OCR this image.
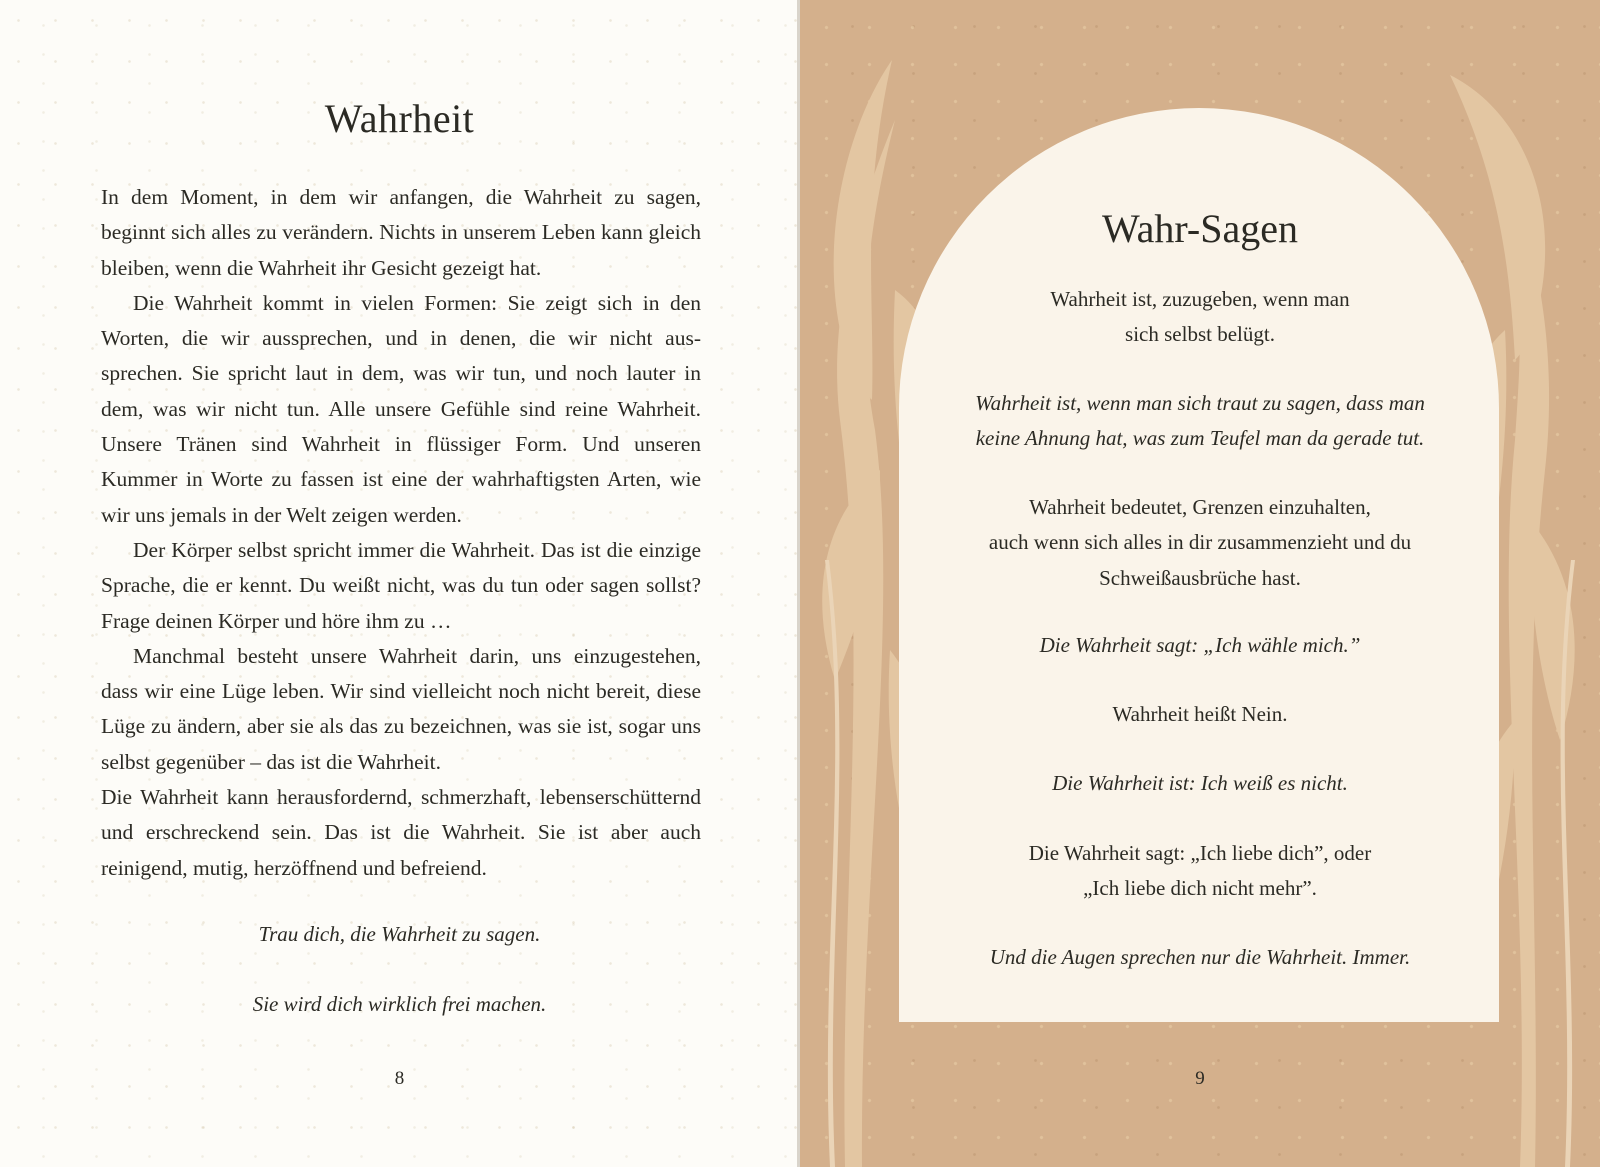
Wahrheit

In dem Moment, in dem wir anfangen, die Wahrheit zu sagen, beginnt sich alles zu verändern. Nichts in unserem Leben kann gleich bleiben, wenn die Wahrheit ihr Gesicht gezeigt hat.

Die Wahrheit kommt in vielen Formen: Sie zeigt sich in den Worten, die wir aussprechen, und in denen, die wir nicht aussprechen. Sie spricht laut in dem, was wir tun, und noch lauter in dem, was wir nicht tun. Alle unsere Gefühle sind reine Wahrheit. Unsere Tränen sind Wahrheit in flüssiger Form. Und unseren Kummer in Worte zu fassen ist eine der wahrhaftigsten Arten, wie wir uns jemals in der Welt zeigen werden.

Der Körper selbst spricht immer die Wahrheit. Das ist die einzige Sprache, die er kennt. Du weißt nicht, was du tun oder sagen sollst? Frage deinen Körper und höre ihm zu …

Manchmal besteht unsere Wahrheit darin, uns einzugestehen, dass wir eine Lüge leben. Wir sind vielleicht noch nicht bereit, diese Lüge zu ändern, aber sie als das zu bezeichnen, was sie ist, sogar uns selbst gegenüber – das ist die Wahrheit.

Die Wahrheit kann herausfordernd, schmerzhaft, lebenserschütternd und erschreckend sein. Das ist die Wahrheit. Sie ist aber auch reinigend, mutig, herzöffnend und befreiend.

Trau dich, die Wahrheit zu sagen.
Sie wird dich wirklich frei machen.
8
Wahr-Sagen
Wahrheit ist, zuzugeben, wenn man
sich selbst belügt.
Wahrheit ist, wenn man sich traut zu sagen, dass man
keine Ahnung hat, was zum Teufel man da gerade tut.
Wahrheit bedeutet, Grenzen einzuhalten,
auch wenn sich alles in dir zusammenzieht und du
Schweißausbrüche hast.
Die Wahrheit sagt: „Ich wähle mich.”
Wahrheit heißt Nein.
Die Wahrheit ist: Ich weiß es nicht.
Die Wahrheit sagt: „Ich liebe dich”, oder
„Ich liebe dich nicht mehr”.
Und die Augen sprechen nur die Wahrheit. Immer.
9
